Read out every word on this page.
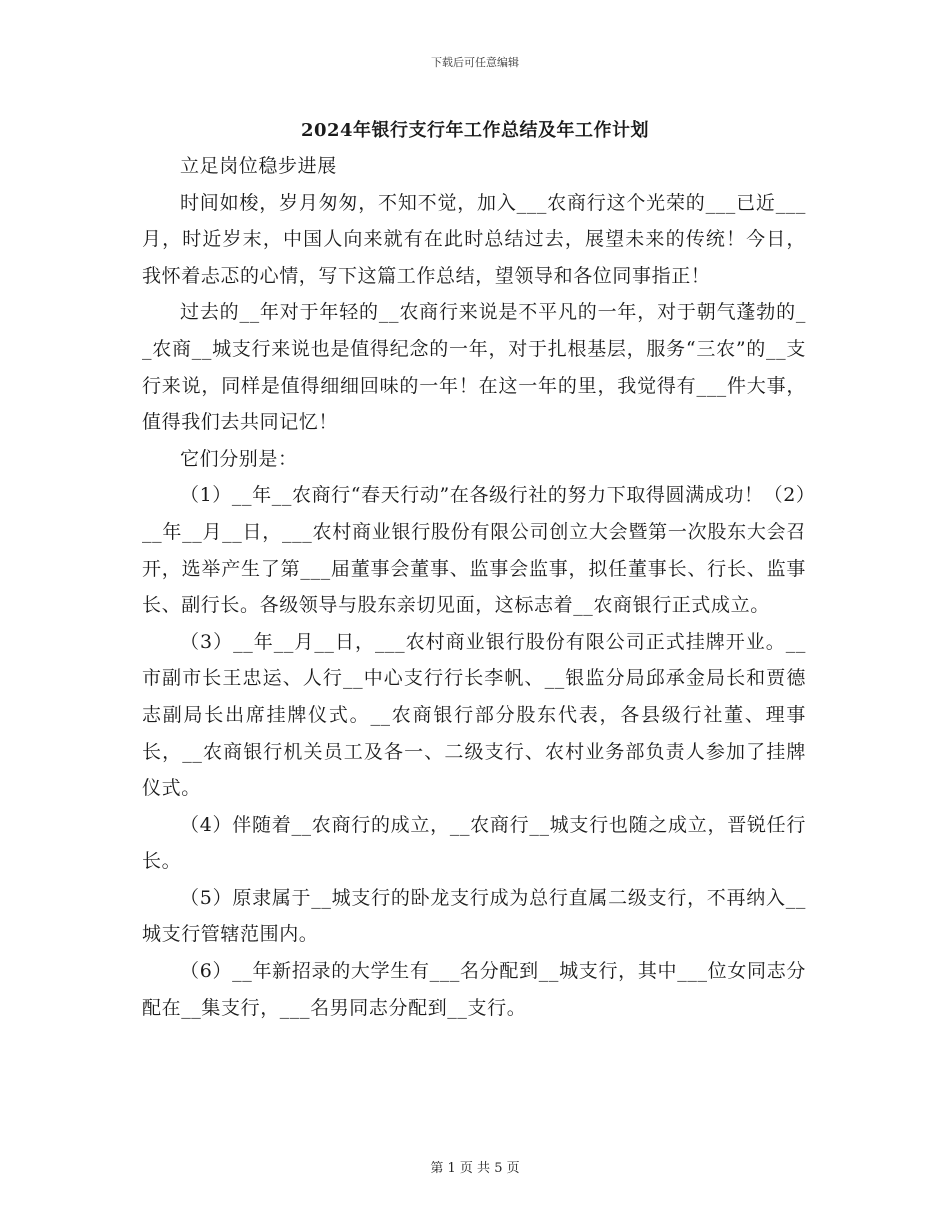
下载后可任意编辑
2024年银行支行年工作总结及年工作计划

立足岗位稳步进展

时间如梭，岁月匆匆，不知不觉，加入___农商行这个光荣的___已近___月，时近岁末，中国人向来就有在此时总结过去，展望未来的传统！今日，我怀着忐忑的心情，写下这篇工作总结，望领导和各位同事指正！

过去的__年对于年轻的__农商行来说是不平凡的一年，对于朝气蓬勃的__农商__城支行来说也是值得纪念的一年，对于扎根基层，服务“三农”的__支行来说，同样是值得细细回味的一年！在这一年的里，我觉得有___件大事，值得我们去共同记忆！

它们分别是：

（1）__年__农商行“春天行动”在各级行社的努力下取得圆满成功！（2）__年__月__日，___农村商业银行股份有限公司创立大会暨第一次股东大会召开，选举产生了第___届董事会董事、监事会监事，拟任董事长、行长、监事长、副行长。各级领导与股东亲切见面，这标志着__农商银行正式成立。

（3）__年__月__日，___农村商业银行股份有限公司正式挂牌开业。__市副市长王忠运、人行__中心支行行长李帆、__银监分局邱承金局长和贾德志副局长出席挂牌仪式。__农商银行部分股东代表，各县级行社董、理事长，__农商银行机关员工及各一、二级支行、农村业务部负责人参加了挂牌仪式。

（4）伴随着__农商行的成立，__农商行__城支行也随之成立，晋锐任行长。

（5）原隶属于__城支行的卧龙支行成为总行直属二级支行，不再纳入__城支行管辖范围内。

（6）__年新招录的大学生有___名分配到__城支行，其中___位女同志分配在__集支行，___名男同志分配到__支行。

第 1 页 共 5 页
